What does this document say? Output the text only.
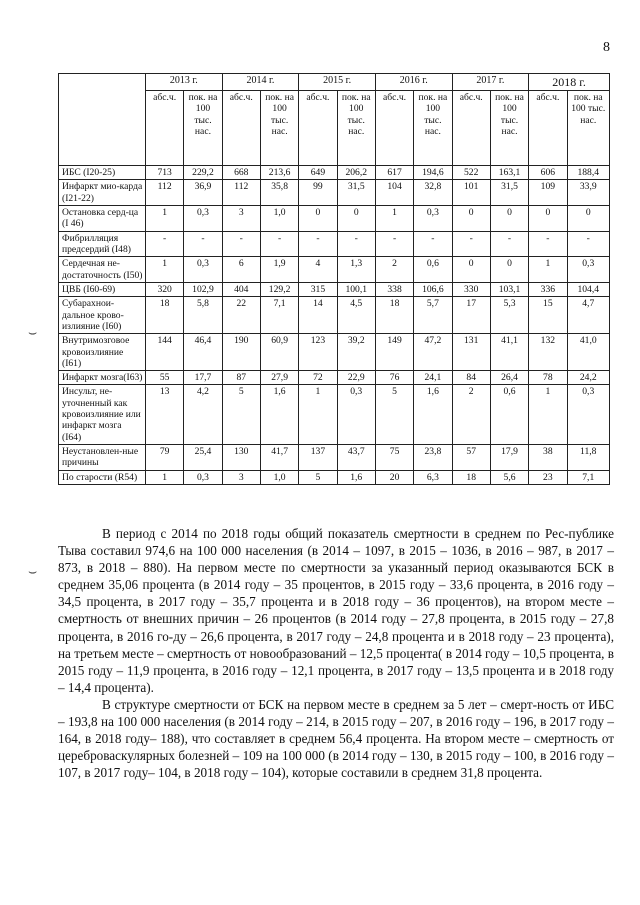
8
⌣
⌣
	2013 г.		2014 г.		2015 г.		2016 г.		2017 г.		2018 г.	
	абс.ч.	пок. на 100 тыс. нас.	абс.ч.	пок. на 100 тыс. нас.	абс.ч.	пок. на 100 тыс. нас.	абс.ч.	пок. на 100 тыс. нас.	абс.ч.	пок. на 100 тыс. нас.	абс.ч.	пок. на 100 тыс. нас.
ИБС (I20-25)	713	229,2	668	213,6	649	206,2	617	194,6	522	163,1	606	188,4
Инфаркт мио-карда (I21-22)	112	36,9	112	35,8	99	31,5	104	32,8	101	31,5	109	33,9
Остановка серд-ца (I 46)	1	0,3	3	1,0	0	0	1	0,3	0	0	0	0
Фибрилляция предсердий (I48)	-	-	-	-	-	-	-	-	-	-	-	-
Сердечная не-достаточность (I50)	1	0,3	6	1,9	4	1,3	2	0,6	0	0	1	0,3
ЦВБ (I60-69)	320	102,9	404	129,2	315	100,1	338	106,6	330	103,1	336	104,4
Субарахнои-дальное крово-излияние (I60)	18	5,8	22	7,1	14	4,5	18	5,7	17	5,3	15	4,7
Внутримозговое кровоизлияние (I61)	144	46,4	190	60,9	123	39,2	149	47,2	131	41,1	132	41,0
Инфаркт мозга(I63)	55	17,7	87	27,9	72	22,9	76	24,1	84	26,4	78	24,2
Инсульт, не-уточненный как кровоизлияние или инфаркт мозга (I64)	13	4,2	5	1,6	1	0,3	5	1,6	2	0,6	1	0,3
Неустановлен-ные причины	79	25,4	130	41,7	137	43,7	75	23,8	57	17,9	38	11,8
По старости (R54)	1	0,3	3	1,0	5	1,6	20	6,3	18	5,6	23	7,1

В период с 2014 по 2018 годы общий показатель смертности в среднем по Рес-публике Тыва составил 974,6 на 100 000 населения (в 2014 – 1097, в 2015 – 1036, в 2016 – 987, в 2017 – 873, в 2018 – 880). На первом месте по смертности за указанный период оказываются БСК в среднем 35,06 процента (в 2014 году – 35 процентов, в 2015 году – 33,6 процента, в 2016 году – 34,5 процента, в 2017 году – 35,7 процента и в 2018 году – 36 процентов), на втором месте – смертность от внешних причин – 26 процентов (в 2014 году – 27,8 процента, в 2015 году – 27,8 процента, в 2016 го-ду – 26,6 процента, в 2017 году – 24,8 процента и в 2018 году – 23 процента), на третьем месте – смертность от новообразований – 12,5 процента( в 2014 году – 10,5 процента, в 2015 году – 11,9 процента, в 2016 году – 12,1 процента, в 2017 году – 13,5 процента и в 2018 году – 14,4 процента).

В структуре смертности от БСК на первом месте в среднем за 5 лет – смерт-ность от ИБС – 193,8 на 100 000 населения (в 2014 году – 214, в 2015 году – 207, в 2016 году – 196, в 2017 году – 164, в 2018 году– 188), что составляет в среднем 56,4 процента. На втором месте – смертность от цереброваскулярных болезней – 109 на 100 000 (в 2014 году – 130, в 2015 году – 100, в 2016 году – 107, в 2017 году– 104, в 2018 году – 104), которые составили в среднем 31,8 процента.
